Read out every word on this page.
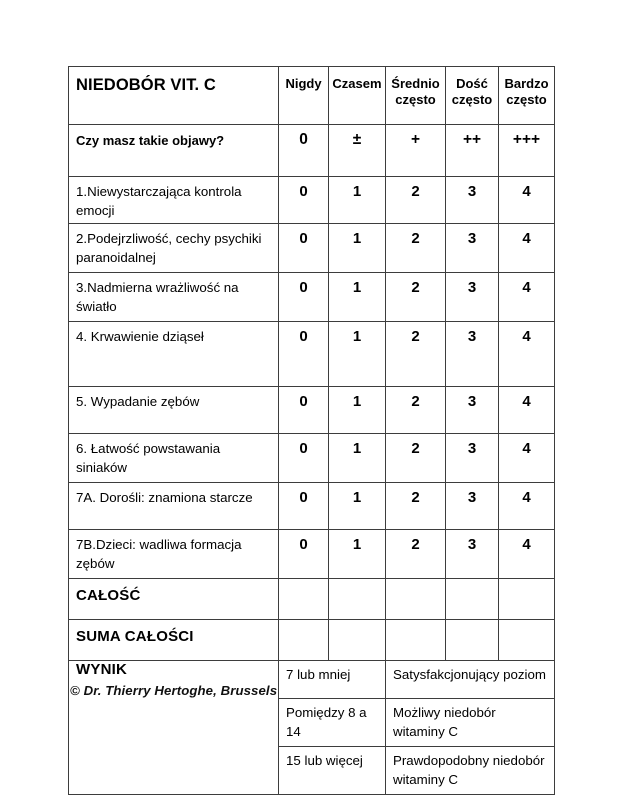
NIEDOBÓR VIT. C	Nigdy	Czasem	Średnio często	Dość często	Bardzo często
Czy masz takie objawy?	0	±	+	++	+++
1.Niewystarczająca kontrola emocji	0	1	2	3	4
2.Podejrzliwość, cechy psychiki paranoidalnej	0	1	2	3	4
3.Nadmierna wrażliwość na światło	0	1	2	3	4
4. Krwawienie dziąseł	0	1	2	3	4
5. Wypadanie zębów	0	1	2	3	4
6. Łatwość powstawania siniaków	0	1	2	3	4
7A. Dorośli: znamiona starcze	0	1	2	3	4
7B.Dzieci: wadliwa formacja zębów	0	1	2	3	4
CAŁOŚĆ					
SUMA CAŁOŚCI					
WYNIK	7 lub mniej		Satysfakcjonujący poziom		
	Pomiędzy 8 a 14		Możliwy niedobór witaminy C		
	15 lub więcej		Prawdopodobny niedobór witaminy C		
© Dr. Thierry Hertoghe, Brussels
